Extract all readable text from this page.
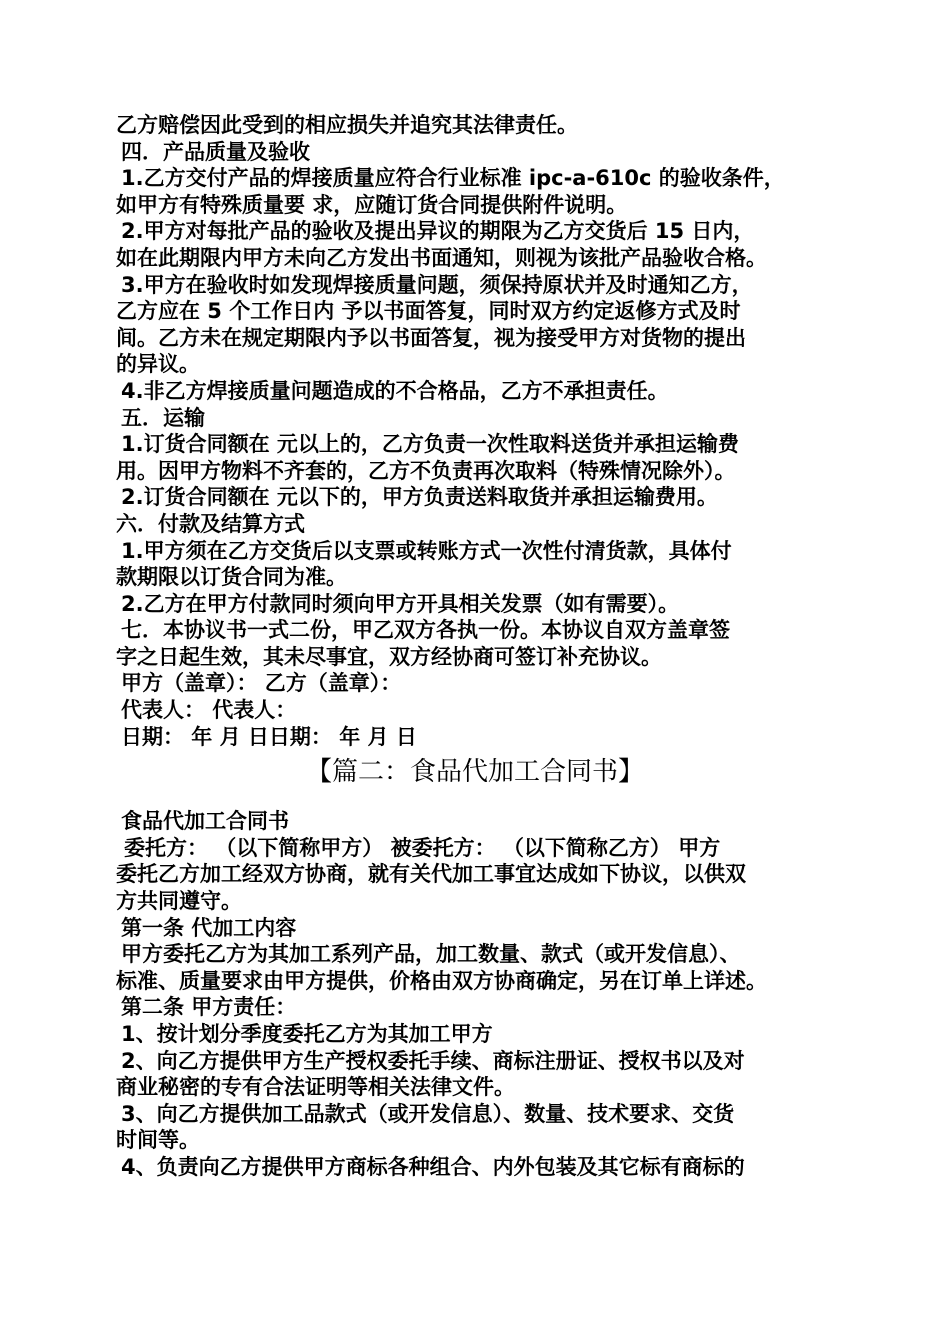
乙方赔偿因此受到的相应损失并追究其法律责任。
四．产品质量及验收
1.乙方交付产品的焊接质量应符合行业标准 ipc-a-610c 的验收条件，
如甲方有特殊质量要 求，应随订货合同提供附件说明。
2.甲方对每批产品的验收及提出异议的期限为乙方交货后 15 日内，
如在此期限内甲方未向乙方发出书面通知，则视为该批产品验收合格。
3.甲方在验收时如发现焊接质量问题，须保持原状并及时通知乙方，
乙方应在 5 个工作日内 予以书面答复，同时双方约定返修方式及时
间。乙方未在规定期限内予以书面答复，视为接受甲方对货物的提出
的异议。
4.非乙方焊接质量问题造成的不合格品，乙方不承担责任。
五．运输
1.订货合同额在 元以上的，乙方负责一次性取料送货并承担运输费
用。因甲方物料不齐套的，乙方不负责再次取料（特殊情况除外）。
2.订货合同额在 元以下的，甲方负责送料取货并承担运输费用。
六．付款及结算方式
1.甲方须在乙方交货后以支票或转账方式一次性付清货款，具体付
款期限以订货合同为准。
2.乙方在甲方付款同时须向甲方开具相关发票（如有需要）。
七．本协议书一式二份，甲乙双方各执一份。本协议自双方盖章签
字之日起生效，其未尽事宜，双方经协商可签订补充协议。
甲方（盖章）： 乙方（盖章）：
代表人： 代表人：
日期： 年 月 日日期： 年 月 日
【篇二：食品代加工合同书】
食品代加工合同书
委托方： （以下简称甲方） 被委托方： （以下简称乙方） 甲方
委托乙方加工经双方协商，就有关代加工事宜达成如下协议，以供双
方共同遵守。
第一条 代加工内容
甲方委托乙方为其加工系列产品，加工数量、款式（或开发信息）、
标准、质量要求由甲方提供，价格由双方协商确定，另在订单上详述。
第二条 甲方责任：
1、按计划分季度委托乙方为其加工甲方
2、向乙方提供甲方生产授权委托手续、商标注册证、授权书以及对
商业秘密的专有合法证明等相关法律文件。
3、向乙方提供加工品款式（或开发信息）、数量、技术要求、交货
时间等。
4、负责向乙方提供甲方商标各种组合、内外包装及其它标有商标的
